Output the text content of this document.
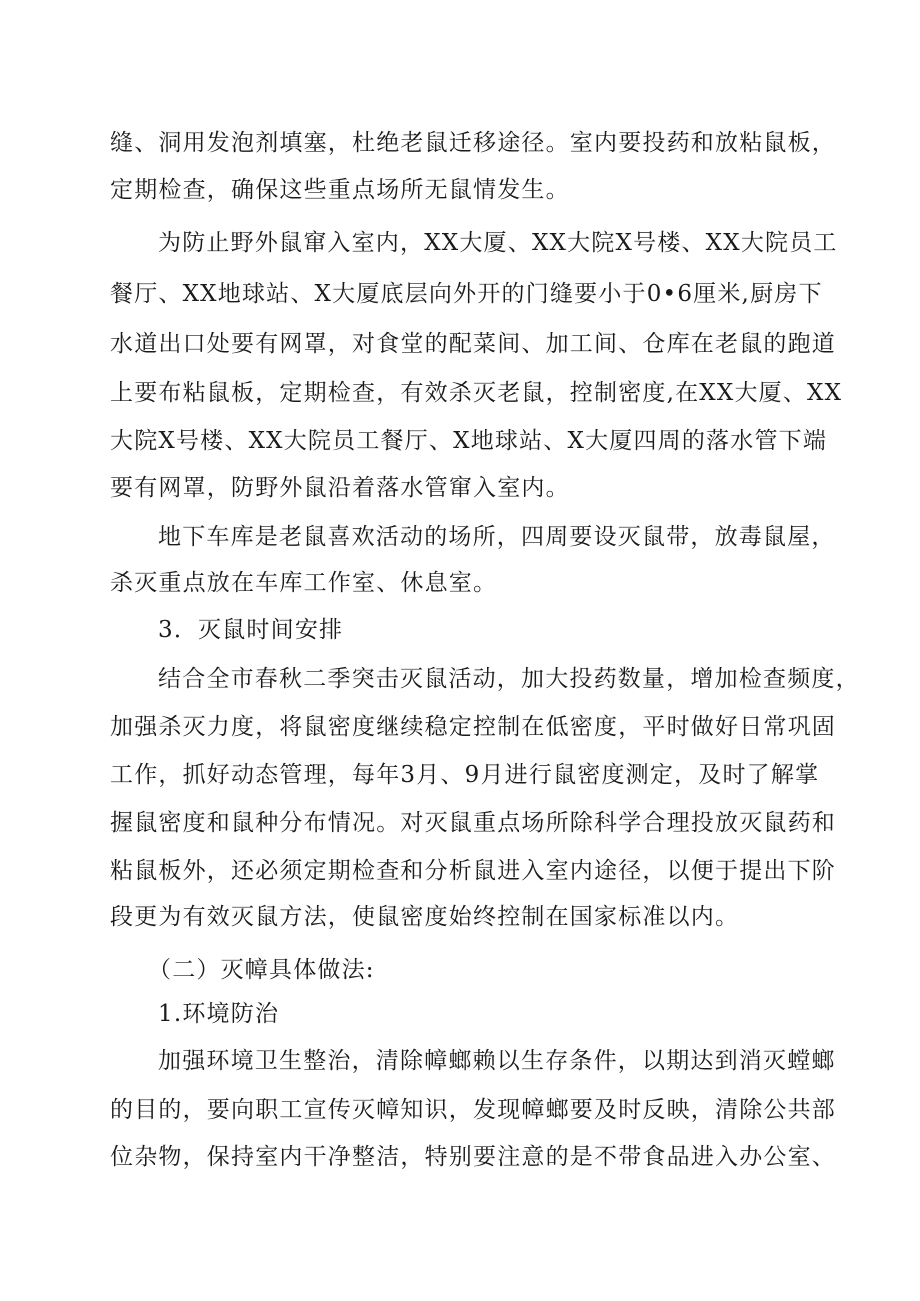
缝、洞用发泡剂填塞，杜绝老鼠迁移途径。室内要投药和放粘鼠板，
定期检查，确保这些重点场所无鼠情发生。
为防止野外鼠窜入室内，XX大厦、XX大院X号楼、XX大院员工
餐厅、XX地球站、X大厦底层向外开的门缝要小于0•6厘米,厨房下
水道出口处要有网罩，对食堂的配菜间、加工间、仓库在老鼠的跑道
上要布粘鼠板，定期检查，有效杀灭老鼠，控制密度,在XX大厦、XX
大院X号楼、XX大院员工餐厅、X地球站、X大厦四周的落水管下端
要有网罩，防野外鼠沿着落水管窜入室内。
地下车库是老鼠喜欢活动的场所，四周要设灭鼠带，放毒鼠屋，
杀灭重点放在车库工作室、休息室。
3．灭鼠时间安排
结合全市春秋二季突击灭鼠活动，加大投药数量，增加检查频度，
加强杀灭力度，将鼠密度继续稳定控制在低密度，平时做好日常巩固
工作，抓好动态管理，每年3月、9月进行鼠密度测定，及时了解掌
握鼠密度和鼠种分布情况。对灭鼠重点场所除科学合理投放灭鼠药和
粘鼠板外，还必须定期检查和分析鼠进入室内途径，以便于提出下阶
段更为有效灭鼠方法，使鼠密度始终控制在国家标准以内。
（二）灭幛具体做法:
1.环境防治
加强环境卫生整治，清除幛螂赖以生存条件，以期达到消灭螳螂
的目的，要向职工宣传灭幛知识，发现幛螂要及时反映，清除公共部
位杂物，保持室内干净整洁，特别要注意的是不带食品进入办公室、
